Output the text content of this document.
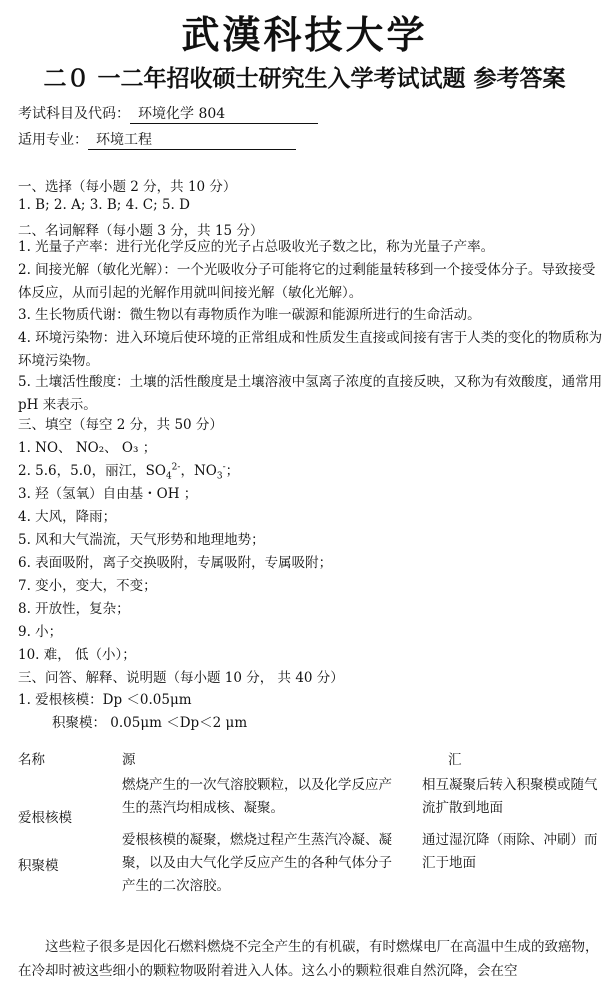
武漢科技大学
二０ 一二年招收硕士研究生入学考试试题 参考答案
考试科目及代码： 环境化学 804
适用专业： 环境工程
一、选择（每小题 2 分，共 10 分）
1. B; 2. A; 3. B; 4. C; 5. D
二、名词解释（每小题 3 分，共 15 分）
1. 光量子产率：进行光化学反应的光子占总吸收光子数之比，称为光量子产率。
2. 间接光解（敏化光解）：一个光吸收分子可能将它的过剩能量转移到一个接受体分子。导致接受体反应，从而引起的光解作用就叫间接光解（敏化光解）。
3. 生长物质代谢：微生物以有毒物质作为唯一碳源和能源所进行的生命活动。
4. 环境污染物：进入环境后使环境的正常组成和性质发生直接或间接有害于人类的变化的物质称为环境污染物。
5. 土壤活性酸度：土壤的活性酸度是土壤溶液中氢离子浓度的直接反映，又称为有效酸度，通常用 pH 来表示。
三、填空（每空 2 分，共 50 分）
1. NO、 NO₂、 O₃ ；
2. 5.6，5.0，丽江，$SO_4^{2-}$，$NO_3^-$；
3. 羟（氢氧）自由基・OH ；
4. 大风，降雨；
5. 风和大气湍流，天气形势和地理地势；
6. 表面吸附，离子交换吸附，专属吸附，专属吸附；
7. 变小，变大，不变；
8. 开放性，复杂；
9. 小；
10. 难， 低（小）；
三、问答、解释、说明题（每小题 10 分， 共 40 分）
1. 爱根核模：Dp ＜0.05μm
积聚模： 0.05μm ＜Dp＜2 μm
名称	源	汇
爱根核模
燃烧产生的一次气溶胶颗粒，以及化学反应产生的蒸汽均相成核、凝聚。
相互凝聚后转入积聚模或随气流扩散到地面
积聚模
爱根核模的凝聚，燃烧过程产生蒸汽冷凝、凝聚，以及由大气化学反应产生的各种气体分子产生的二次溶胶。
通过湿沉降（雨除、冲刷）而汇于地面
这些粒子很多是因化石燃料燃烧不完全产生的有机碳，有时燃煤电厂在高温中生成的致癌物，在冷却时被这些细小的颗粒物吸附着进入人体。这么小的颗粒很难自然沉降，会在空
